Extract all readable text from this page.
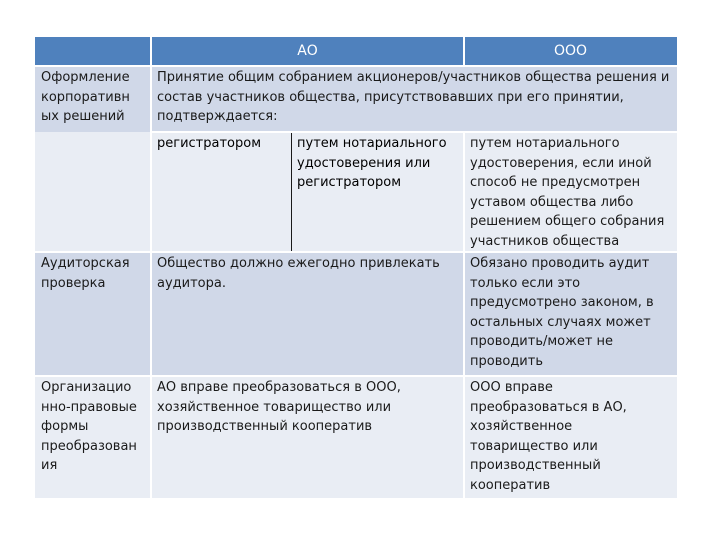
АО	ООО
Оформление корпоративн ых решений
Принятие общим собранием акционеров/участников общества решения и состав участников общества, присутствовавших при его принятии, подтверждается:
регистратором	путем нотариального удостоверения или регистратором
путем нотариального удостоверения, если иной способ не предусмотрен уставом общества либо решением общего собрания участников общества
Аудиторская проверка
Общество должно ежегодно привлекать аудитора.
Обязано проводить аудит только если это предусмотрено законом, в остальных случаях может проводить/может не проводить
Организацио нно-правовые формы преобразован ия
АО вправе преобразоваться в ООО, хозяйственное товарищество или производственный кооператив
ООО вправе преобразоваться в АО, хозяйственное товарищество или производственный кооператив
